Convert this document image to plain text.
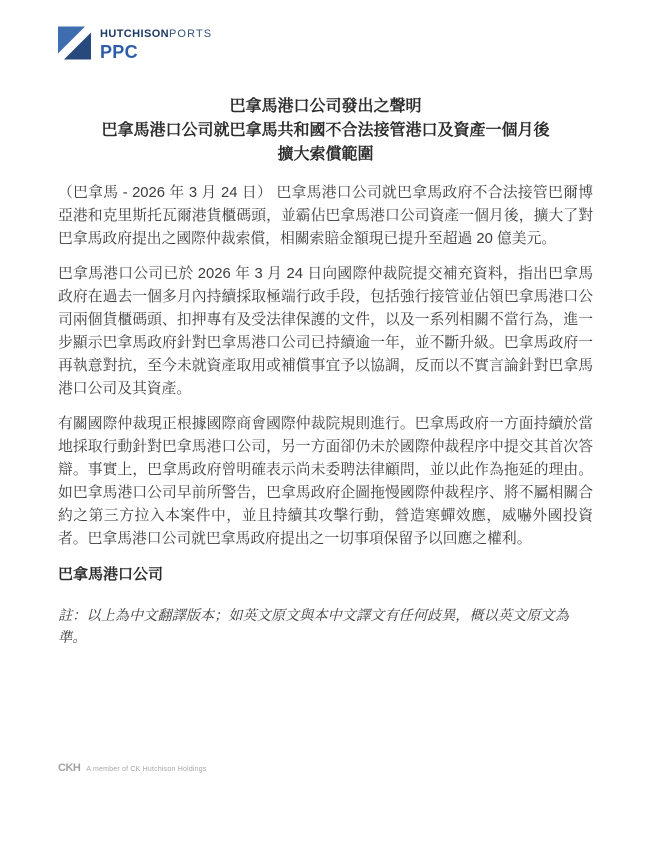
HUTCHISONPORTS
PPC
巴拿馬港口公司發出之聲明
巴拿馬港口公司就巴拿馬共和國不合法接管港口及資產一個月後
擴大索償範圍

（巴拿馬 - 2026 年 3 月 24 日） 巴拿馬港口公司就巴拿馬政府不合法接管巴爾博亞港和克里斯托瓦爾港貨櫃碼頭，並霸佔巴拿馬港口公司資產一個月後，擴大了對巴拿馬政府提出之國際仲裁索償，相關索賠金額現已提升至超過 20 億美元。

巴拿馬港口公司已於 2026 年 3 月 24 日向國際仲裁院提交補充資料，指出巴拿馬政府在過去一個多月內持續採取極端行政手段，包括強行接管並佔領巴拿馬港口公司兩個貨櫃碼頭、扣押專有及受法律保護的文件，以及一系列相關不當行為，進一步顯示巴拿馬政府針對巴拿馬港口公司已持續逾一年，並不斷升級。巴拿馬政府一再執意對抗，至今未就資產取用或補償事宜予以協調，反而以不實言論針對巴拿馬港口公司及其資產。

有關國際仲裁現正根據國際商會國際仲裁院規則進行。巴拿馬政府一方面持續於當地採取行動針對巴拿馬港口公司，另一方面卻仍未於國際仲裁程序中提交其首次答辯。事實上，巴拿馬政府曾明確表示尚未委聘法律顧問，並以此作為拖延的理由。如巴拿馬港口公司早前所警告，巴拿馬政府企圖拖慢國際仲裁程序、將不屬相關合約之第三方拉入本案件中，並且持續其攻擊行動，營造寒蟬效應，威嚇外國投資者。巴拿馬港口公司就巴拿馬政府提出之一切事項保留予以回應之權利。

巴拿馬港口公司

註：以上為中文翻譯版本；如英文原文與本中文譯文有任何歧異，概以英文原文為準。

CKH A member of CK Hutchison Holdings
